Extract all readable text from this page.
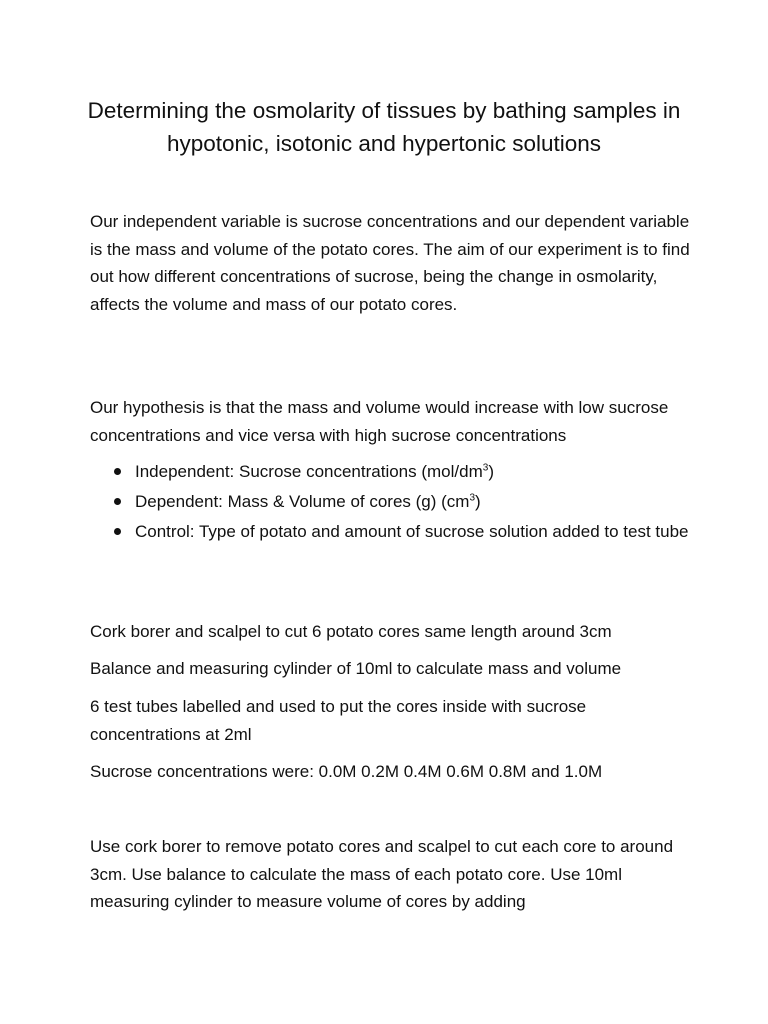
Determining the osmolarity of tissues by bathing samples in hypotonic, isotonic and hypertonic solutions

Our independent variable is sucrose concentrations and our dependent variable is the mass and volume of the potato cores. The aim of our experiment is to find out how different concentrations of sucrose, being the change in osmolarity, affects the volume and mass of our potato cores.

Our hypothesis is that the mass and volume would increase with low sucrose concentrations and vice versa with high sucrose concentrations

Independent: Sucrose concentrations $(mol/dm^3)$
Dependent: Mass & Volume of cores (g) $(cm^3)$
Control: Type of potato and amount of sucrose solution added to test tube

Cork borer and scalpel to cut 6 potato cores same length around 3cm

Balance and measuring cylinder of 10ml to calculate mass and volume

6 test tubes labelled and used to put the cores inside with sucrose concentrations at 2ml

Sucrose concentrations were: 0.0M 0.2M 0.4M 0.6M 0.8M and 1.0M

Use cork borer to remove potato cores and scalpel to cut each core to around 3cm. Use balance to calculate the mass of each potato core. Use 10ml measuring cylinder to measure volume of cores by adding
